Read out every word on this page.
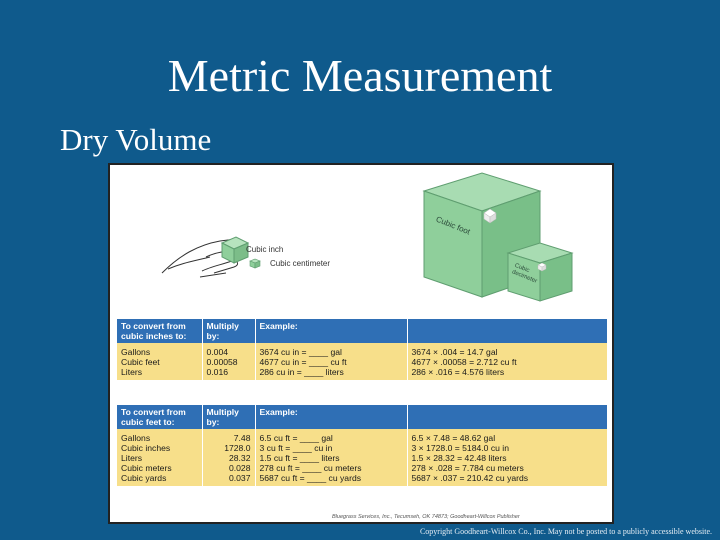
Metric Measurement
Dry Volume
Cubic inch
Cubic centimeter
Cubic foot
Cubic decimeter
To convert from cubic inches to:	Multiply by:	Example:	
Gallons	0.004	3674 cu in = ____ gal	3674 × .004 = 14.7 gal
Cubic feet	0.00058	4677 cu in = ____ cu ft	4677 × .00058 = 2.712 cu ft
Liters	0.016	286 cu in = ____ liters	286 × .016 = 4.576 liters
To convert from cubic feet to:	Multiply by:	Example:	
Gallons	7.48	6.5 cu ft = ____ gal	6.5 × 7.48 = 48.62 gal
Cubic inches	1728.0	3 cu ft = ____ cu in	3 × 1728.0 = 5184.0 cu in
Liters	28.32	1.5 cu ft = ____ liters	1.5 × 28.32 = 42.48 liters
Cubic meters	0.028	278 cu ft = ____ cu meters	278 × .028 = 7.784 cu meters
Cubic yards	0.037	5687 cu ft = ____ cu yards	5687 × .037 = 210.42 cu yards
Bluegrass Services, Inc., Tecumseh, OK 74873; Goodheart-Willcox Publisher
Copyright Goodheart-Willcox Co., Inc. May not be posted to a publicly accessible website.
